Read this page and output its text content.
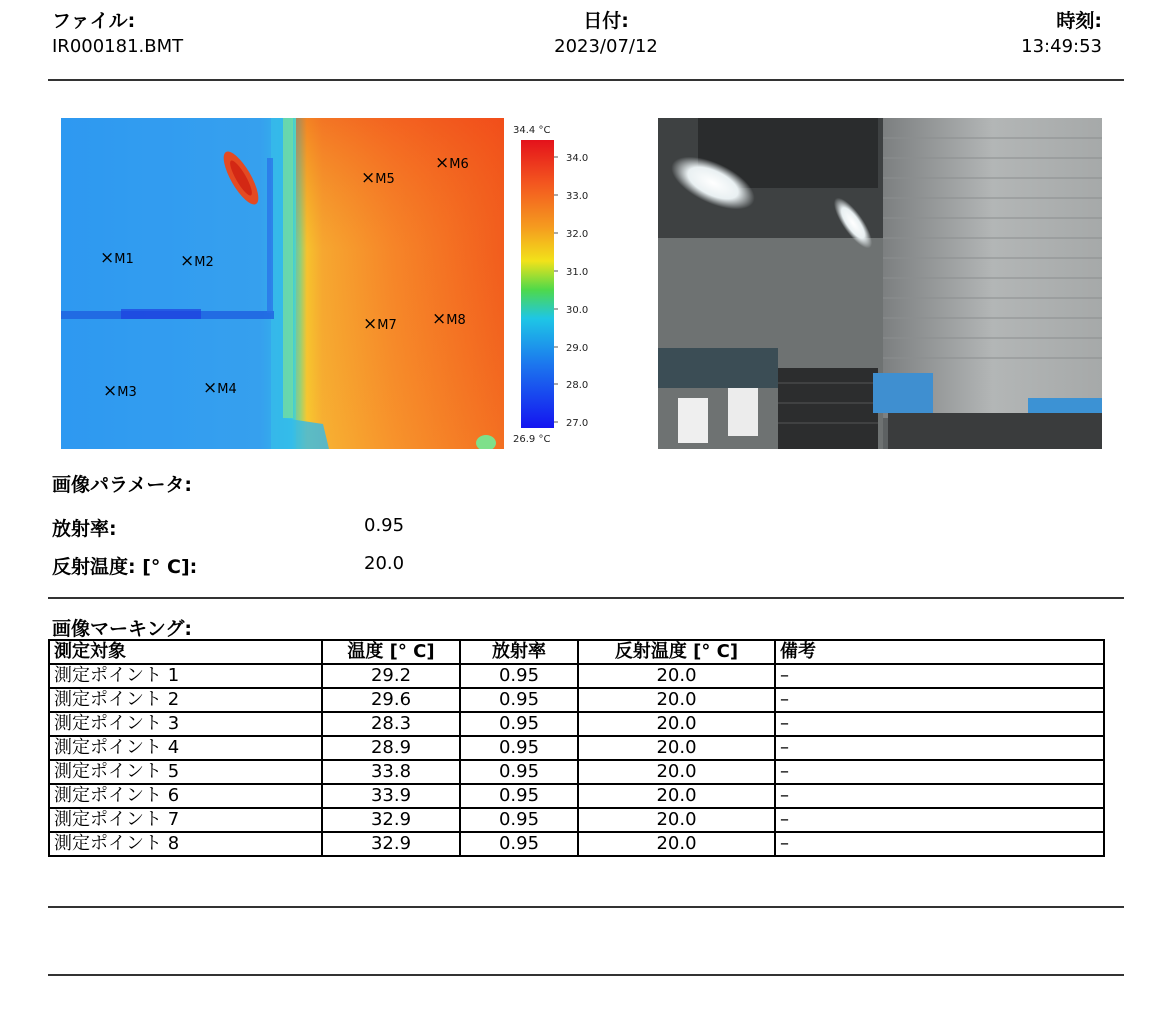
ファイル:
IR000181.BMT
日付:
2023/07/12
時刻:
13:49:53
×M1	×M2
×M3	×M4
×M5
×M6
×M7 ×M8
34.4 °C
34.0
33.0
32.0
31.0
30.0
29.0
28.0
27.0
26.9 °C
画像パラメータ:
放射率:	0.95
反射温度: [° C]:	20.0
画像マーキング:
測定対象	温度 [° C]	放射率	反射温度 [° C]	備考
測定ポイント 1	29.2	0.95	20.0	–
測定ポイント 2	29.6	0.95	20.0	–
測定ポイント 3	28.3	0.95	20.0	–
測定ポイント 4	28.9	0.95	20.0	–
測定ポイント 5	33.8	0.95	20.0	–
測定ポイント 6	33.9	0.95	20.0	–
測定ポイント 7	32.9	0.95	20.0	–
測定ポイント 8	32.9	0.95	20.0	–
